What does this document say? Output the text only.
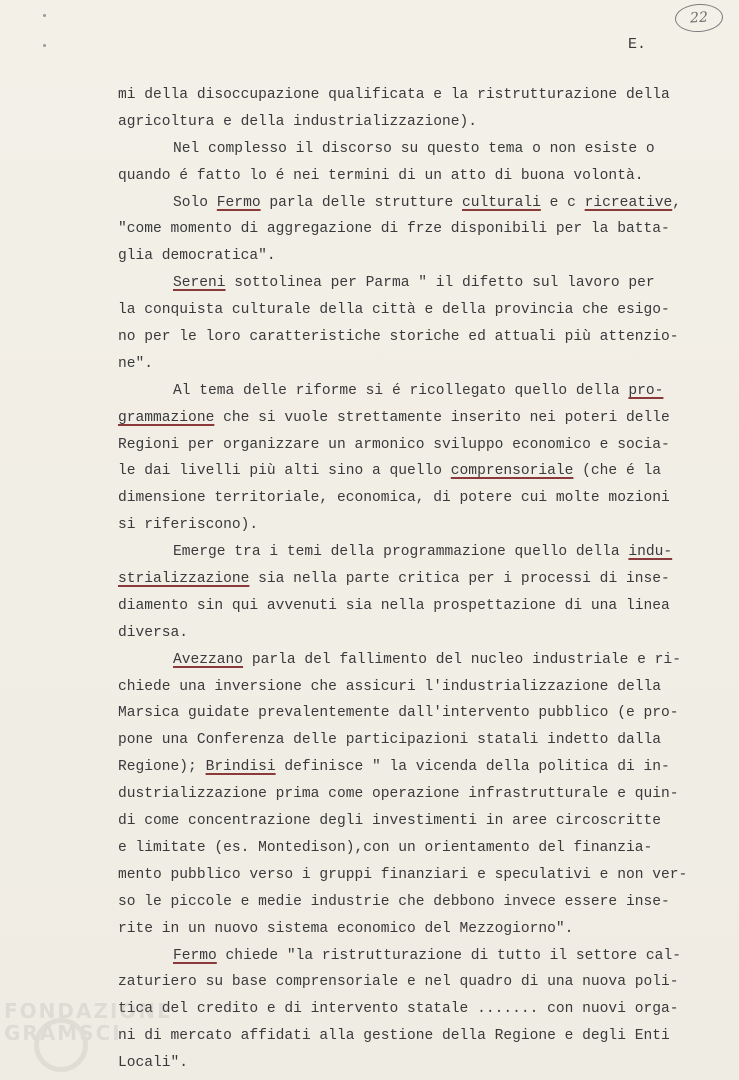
22
E.
mi della disoccupazione qualificata e la ristrutturazione della
agricoltura e della industrializzazione).
Nel complesso il discorso su questo tema o non esiste o
quando é fatto lo é nei termini di un atto di buona volontà.
Solo Fermo parla delle strutture culturali e c ricreative,
"come momento di aggregazione di frze disponibili per la batta-
glia democratica".
Sereni sottolinea per Parma " il difetto sul lavoro per
la conquista culturale della città e della provincia che esigo-
no per le loro caratteristiche storiche ed attuali più attenzio-
ne".
Al tema delle riforme si é ricollegato quello della pro-
grammazione che si vuole strettamente inserito nei poteri delle
Regioni per organizzare un armonico sviluppo economico e socia-
le dai livelli più alti sino a quello comprensoriale (che é la
dimensione territoriale, economica, di potere cui molte mozioni
si riferiscono).
Emerge tra i temi della programmazione quello della indu-
strializzazione sia nella parte critica per i processi di inse-
diamento sin qui avvenuti sia nella prospettazione di una linea
diversa.
Avezzano parla del fallimento del nucleo industriale e ri-
chiede una inversione che assicuri l'industrializzazione della
Marsica guidate prevalentemente dall'intervento pubblico (e pro-
pone una Conferenza delle participazioni statali indetto dalla
Regione); Brindisi definisce " la vicenda della politica di in-
dustrializzazione prima come operazione infrastrutturale e quin-
di come concentrazione degli investimenti in aree circoscritte
e limitate (es. Montedison),con un orientamento del finanzia-
mento pubblico verso i gruppi finanziari e speculativi e non ver-
so le piccole e medie industrie che debbono invece essere inse-
rite in un nuovo sistema economico del Mezzogiorno".
Fermo chiede "la ristrutturazione di tutto il settore cal-
zaturiero su base comprensoriale e nel quadro di una nuova poli-
tica del credito e di intervento statale ....... con nuovi orga-
ni di mercato affidati alla gestione della Regione e degli Enti
Locali".
FONDAZIONE GRAMSCI
